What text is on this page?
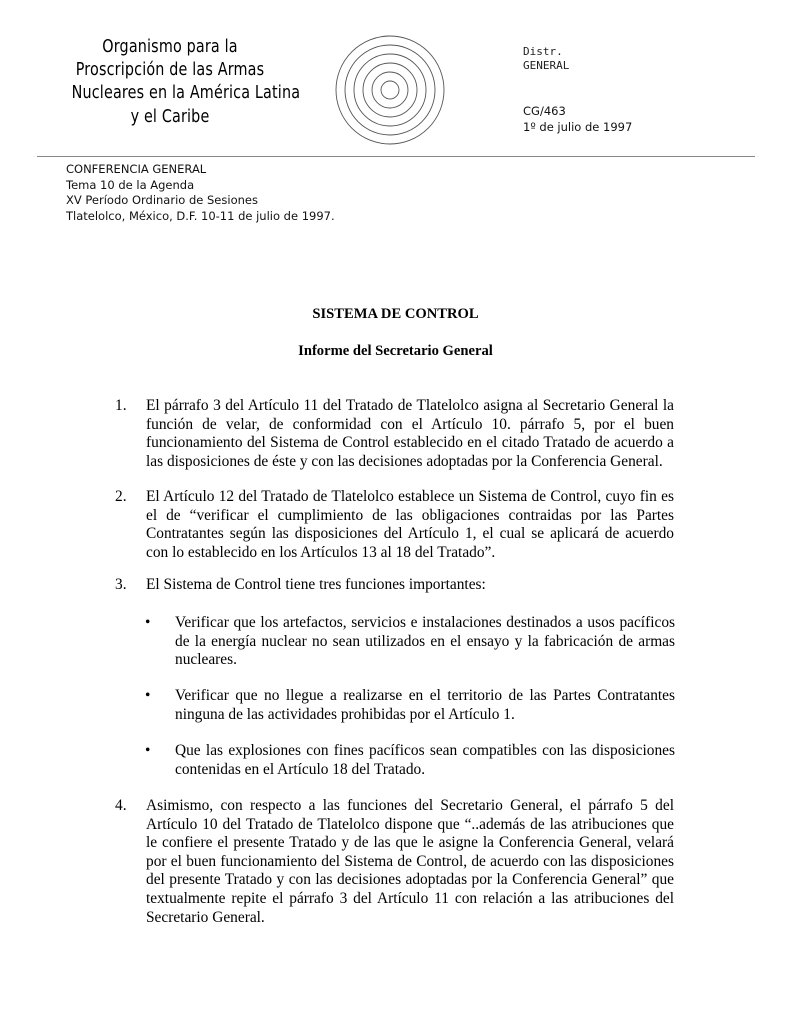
Organismo para la
Proscripción de las Armas
Nucleares en la América Latina
y el Caribe
Distr.
GENERAL
CG/463
1º de julio de 1997
CONFERENCIA GENERAL
Tema 10 de la Agenda
XV Período Ordinario de Sesiones
Tlatelolco, México, D.F. 10-11 de julio de 1997.
SISTEMA DE CONTROL
Informe del Secretario General
1. El párrafo 3 del Artículo 11 del Tratado de Tlatelolco asigna al Secretario General la función de velar, de conformidad con el Artículo 10. párrafo 5, por el buen funcionamiento del Sistema de Control establecido en el citado Tratado de acuerdo a las disposiciones de éste y con las decisiones adoptadas por la Conferencia General.
2. El Artículo 12 del Tratado de Tlatelolco establece un Sistema de Control, cuyo fin es el de “verificar el cumplimiento de las obligaciones contraidas por las Partes Contratantes según las disposiciones del Artículo 1, el cual se aplicará de acuerdo con lo establecido en los Artículos 13 al 18 del Tratado”.
3. El Sistema de Control tiene tres funciones importantes:
• Verificar que los artefactos, servicios e instalaciones destinados a usos pacíficos de la energía nuclear no sean utilizados en el ensayo y la fabricación de armas nucleares.
• Verificar que no llegue a realizarse en el territorio de las Partes Contratantes ninguna de las actividades prohibidas por el Artículo 1.
• Que las explosiones con fines pacíficos sean compatibles con las disposiciones contenidas en el Artículo 18 del Tratado.
4. Asimismo, con respecto a las funciones del Secretario General, el párrafo 5 del Artículo 10 del Tratado de Tlatelolco dispone que “..además de las atribuciones que le confiere el presente Tratado y de las que le asigne la Conferencia General, velará por el buen funcionamiento del Sistema de Control, de acuerdo con las disposiciones del presente Tratado y con las decisiones adoptadas por la Conferencia General” que textualmente repite el párrafo 3 del Artículo 11 con relación a las atribuciones del Secretario General.
